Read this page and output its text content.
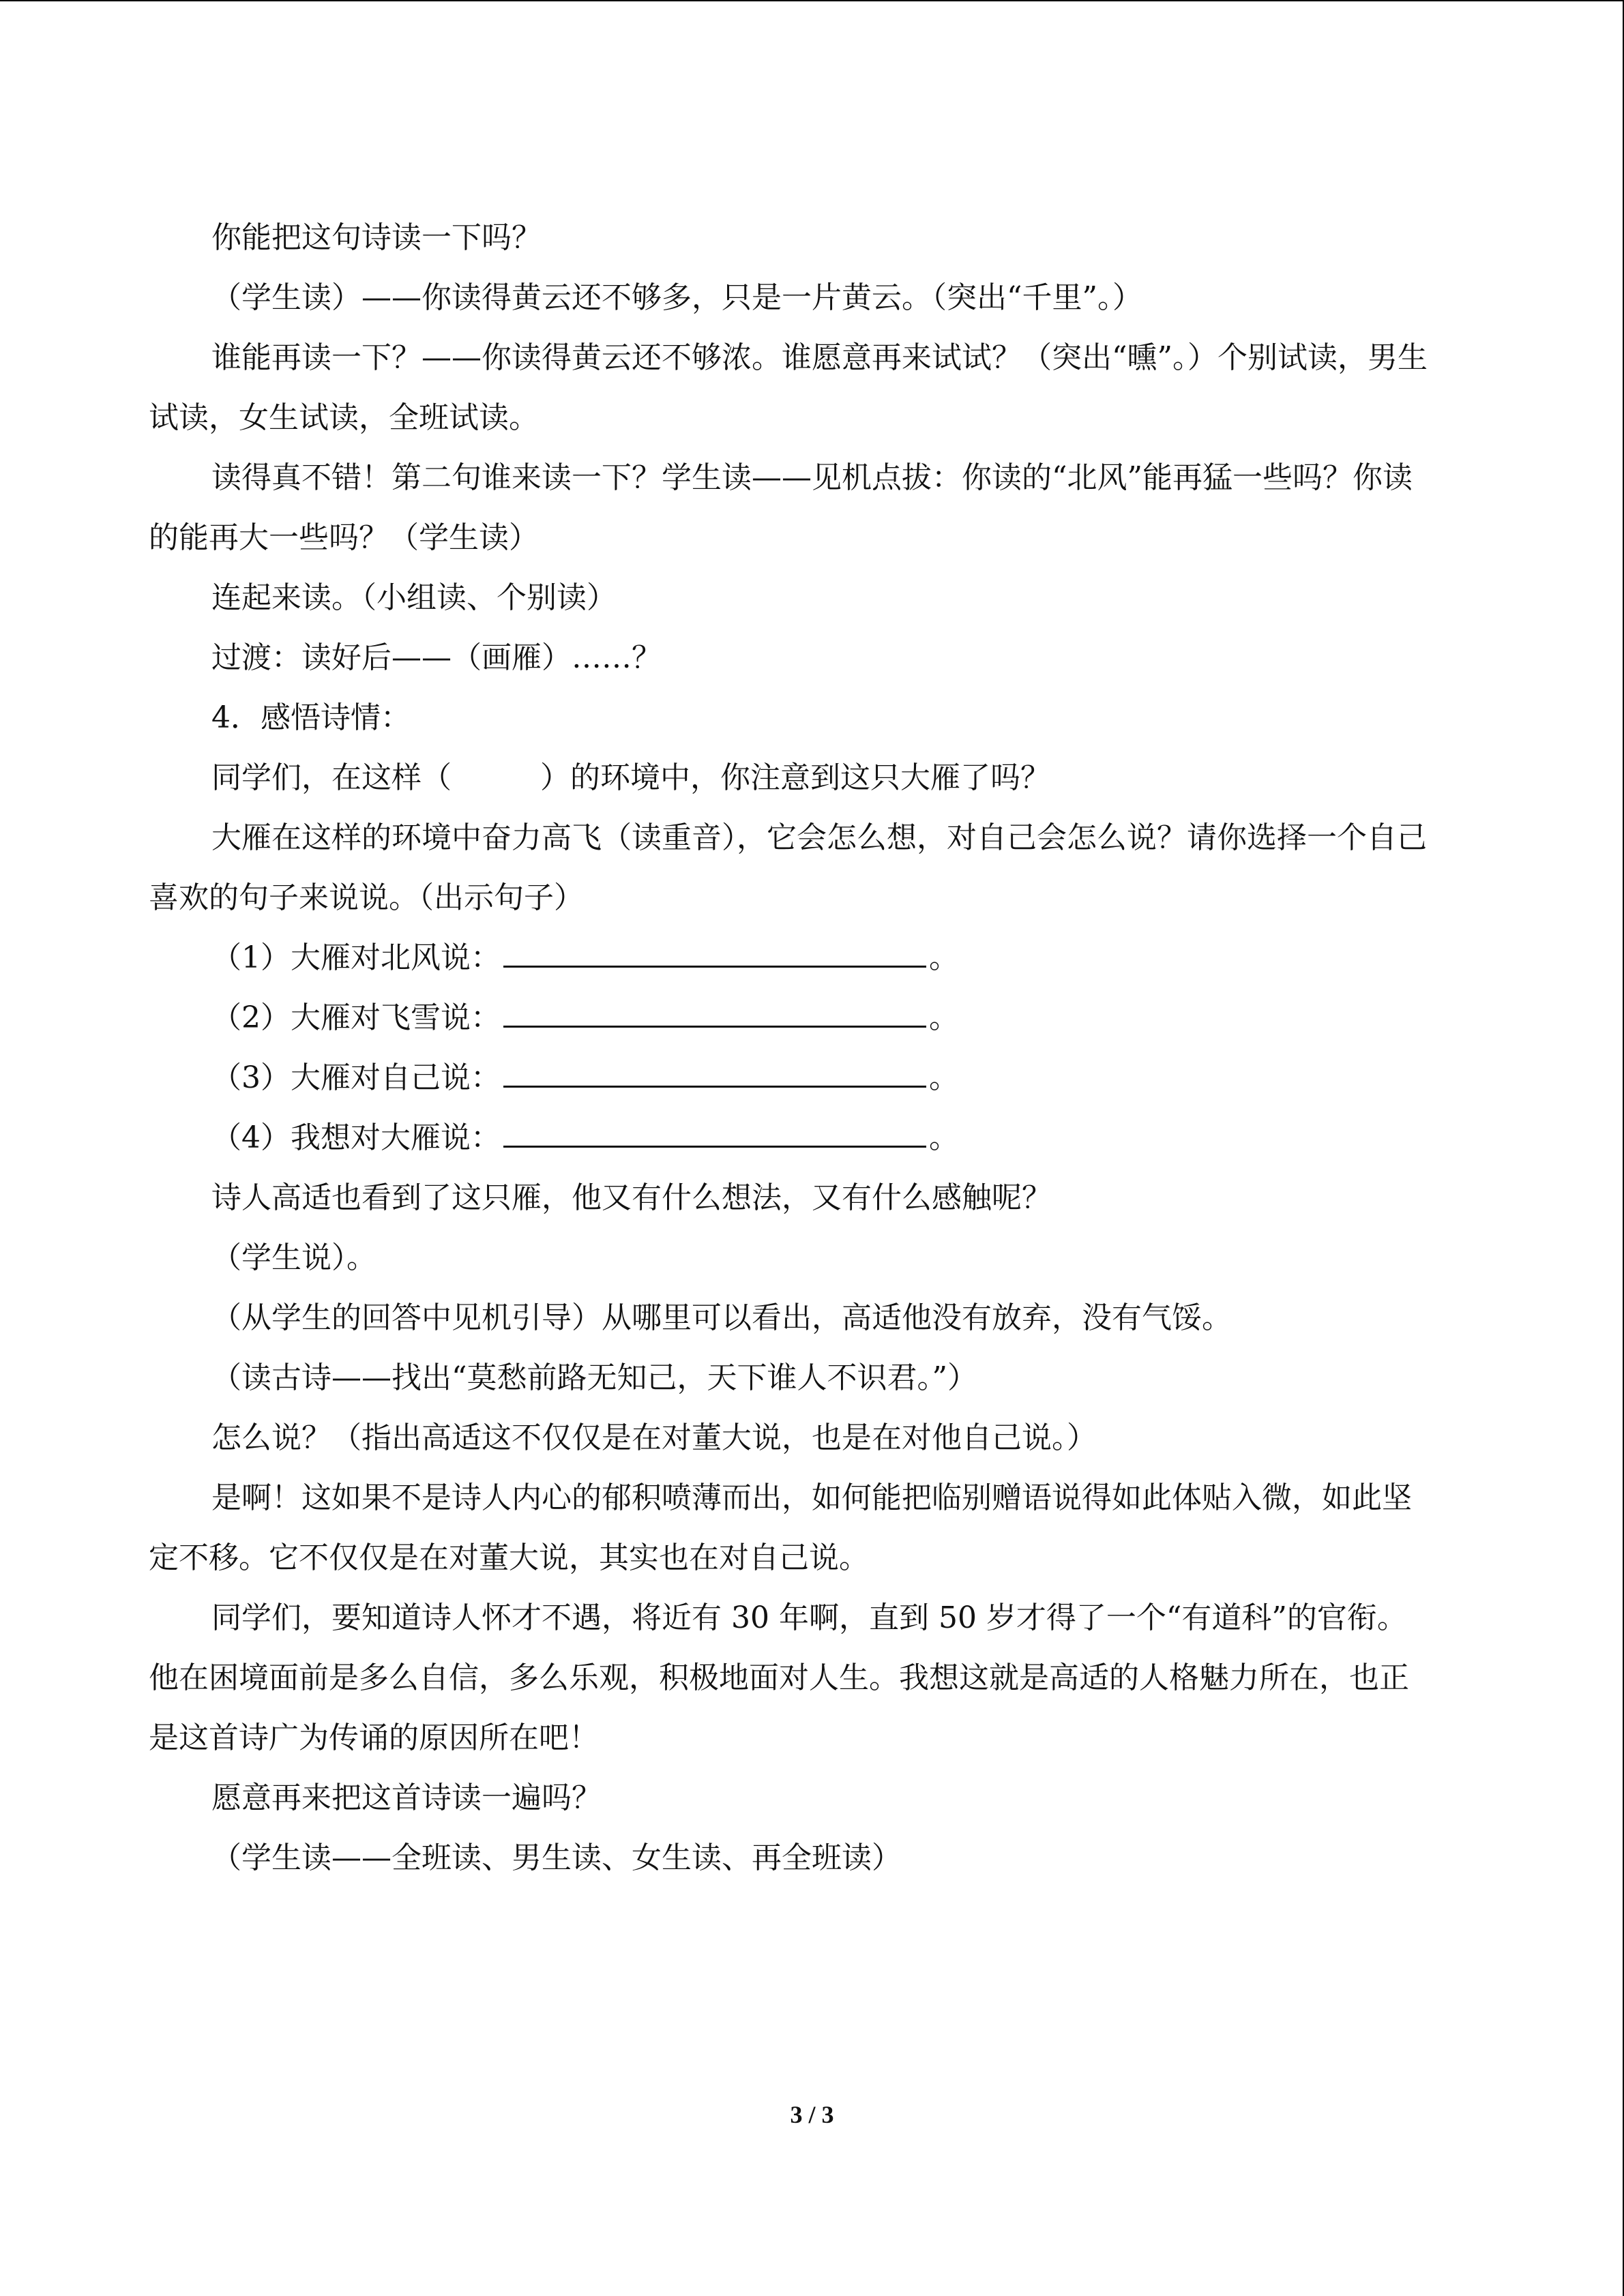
你能把这句诗读一下吗？

（学生读）——你读得黄云还不够多，只是一片黄云。（突出“千里”。）

谁能再读一下？——你读得黄云还不够浓。谁愿意再来试试？（突出“曛”。）个别试读，男生试读，女生试读，全班试读。

读得真不错！第二句谁来读一下？学生读——见机点拔：你读的“北风”能再猛一些吗？你读的能再大一些吗？（学生读）

连起来读。（小组读、个别读）

过渡：读好后——（画雁）……？

4．感悟诗情：

同学们，在这样（	）的环境中，你注意到这只大雁了吗？

大雁在这样的环境中奋力高飞（读重音），它会怎么想，对自己会怎么说？请你选择一个自己喜欢的句子来说说。（出示句子）

（1）大雁对北风说：	。

（2）大雁对飞雪说：	。

（3）大雁对自己说：	。

（4）我想对大雁说：	。

诗人高适也看到了这只雁，他又有什么想法，又有什么感触呢？

（学生说）。

（从学生的回答中见机引导）从哪里可以看出，高适他没有放弃，没有气馁。

（读古诗——找出“莫愁前路无知己，天下谁人不识君。”）

怎么说？（指出高适这不仅仅是在对董大说，也是在对他自己说。）

是啊！这如果不是诗人内心的郁积喷薄而出，如何能把临别赠语说得如此体贴入微，如此坚定不移。它不仅仅是在对董大说，其实也在对自己说。

同学们，要知道诗人怀才不遇，将近有 30 年啊，直到 50 岁才得了一个“有道科”的官衔。他在困境面前是多么自信，多么乐观，积极地面对人生。我想这就是高适的人格魅力所在，也正是这首诗广为传诵的原因所在吧！

愿意再来把这首诗读一遍吗？

（学生读——全班读、男生读、女生读、再全班读）

3 / 3
